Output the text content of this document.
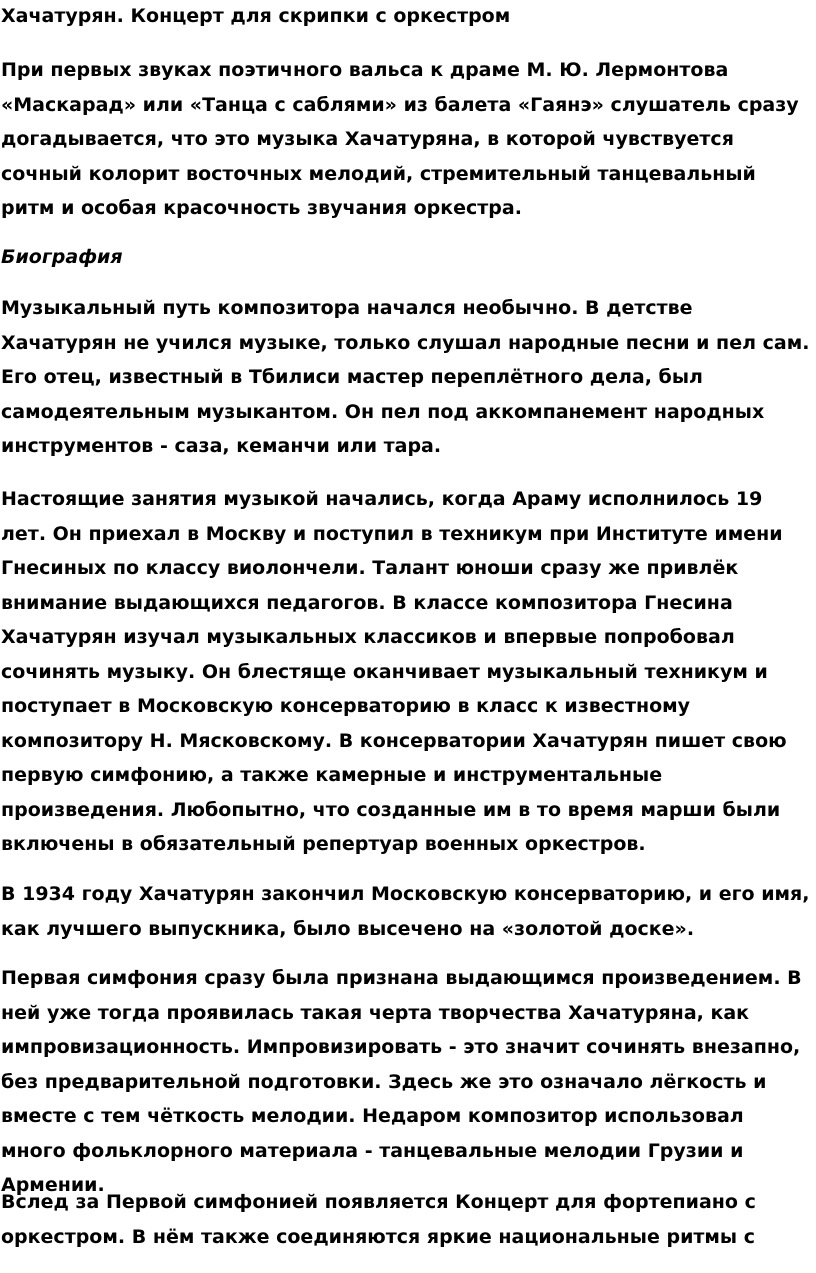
Хачатурян. Концерт для скрипки с оркестром

При первых звуках поэтичного вальса к драме М. Ю. Лермонтова «Маскарад» или «Танца с саблями» из балета «Гаянэ» слушатель сразу догадывается, что это музыка Хачатуряна, в которой чувствуется сочный колорит восточных мелодий, стремительный танцевальный ритм и особая красочность звучания оркестра.

Биография

Музыкальный путь композитора начался необычно. В детстве Хачатурян не учился музыке, только слушал народные песни и пел сам. Его отец, известный в Тбилиси мастер переплётного дела, был самодеятельным музыкантом. Он пел под аккомпанемент народных инструментов - саза, кеманчи или тара.

Настоящие занятия музыкой начались, когда Араму исполнилось 19 лет. Он приехал в Москву и поступил в техникум при Институте имени Гнесиных по классу виолончели. Талант юноши сразу же привлёк внимание выдающихся педагогов. В классе композитора Гнесина Хачатурян изучал музыкальных классиков и впервые попробовал сочинять музыку. Он блестяще оканчивает музыкальный техникум и поступает в Московскую консерваторию в класс к известному композитору Н. Мясковскому. В консерватории Хачатурян пишет свою первую симфонию, а также камерные и инструментальные произведения. Любопытно, что созданные им в то время марши были включены в обязательный репертуар военных оркестров.

В 1934 году Хачатурян закончил Московскую консерваторию, и его имя, как лучшего выпускника, было высечено на «золотой доске».

Первая симфония сразу была признана выдающимся произведением. В ней уже тогда проявилась такая черта творчества Хачатуряна, как импровизационность. Импровизировать - это значит сочинять внезапно, без предварительной подготовки. Здесь же это означало лёгкость и вместе с тем чёткость мелодии. Недаром композитор использовал много фольклорного материала - танцевальные мелодии Грузии и Армении.

Вслед за Первой симфонией появляется Концерт для фортепиано с оркестром. В нём также соединяются яркие национальные ритмы с
